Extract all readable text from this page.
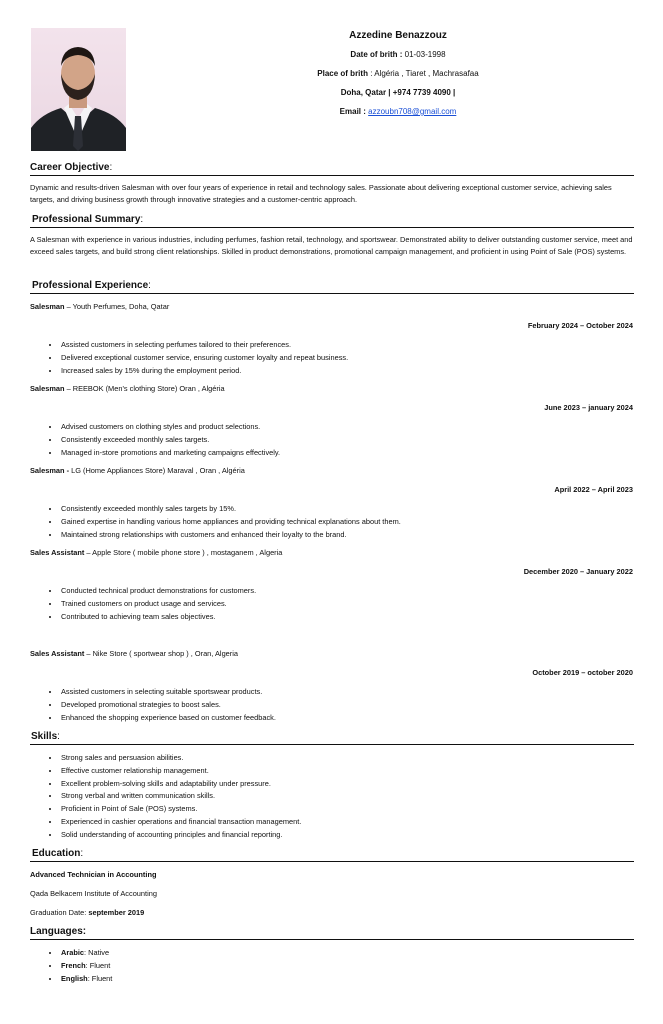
Azzedine Benazzouz
Date of brith : 01-03-1998
Place of brith : Algéria , Tiaret , Machrasafaa
Doha, Qatar | +974 7739 4090 |
Email : azzoubn708@gmail.com
Career Objective:
Dynamic and results-driven Salesman with over four years of experience in retail and technology sales. Passionate about delivering exceptional customer service, achieving sales targets, and driving business growth through innovative strategies and a customer-centric approach.
Professional Summary:
A Salesman with experience in various industries, including perfumes, fashion retail, technology, and sportswear. Demonstrated ability to deliver outstanding customer service, meet and exceed sales targets, and build strong client relationships. Skilled in product demonstrations, promotional campaign management, and proficient in using Point of Sale (POS) systems.
Professional Experience:
Salesman – Youth Perfumes, Doha, Qatar
February 2024 – October 2024
• Assisted customers in selecting perfumes tailored to their preferences.
• Delivered exceptional customer service, ensuring customer loyalty and repeat business.
• Increased sales by 15% during the employment period.
Salesman – REEBOK (Men’s clothing Store) Oran , Algéria
June 2023 – january 2024
• Advised customers on clothing styles and product selections.
• Consistently exceeded monthly sales targets.
• Managed in-store promotions and marketing campaigns effectively.
Salesman - LG (Home Appliances Store) Maraval , Oran , Algéria
April 2022 – April 2023
• Consistently exceeded monthly sales targets by 15%.
• Gained expertise in handling various home appliances and providing technical explanations about them.
• Maintained strong relationships with customers and enhanced their loyalty to the brand.
Sales Assistant – Apple Store ( mobile phone store ) , mostaganem , Algeria
December 2020 – January 2022
• Conducted technical product demonstrations for customers.
• Trained customers on product usage and services.
• Contributed to achieving team sales objectives.
Sales Assistant – Nike Store ( sportwear shop ) , Oran, Algeria
October 2019 – october 2020
• Assisted customers in selecting suitable sportswear products.
• Developed promotional strategies to boost sales.
• Enhanced the shopping experience based on customer feedback.
Skills:
• Strong sales and persuasion abilities.
• Effective customer relationship management.
• Excellent problem-solving skills and adaptability under pressure.
• Strong verbal and written communication skills.
• Proficient in Point of Sale (POS) systems.
• Experienced in cashier operations and financial transaction management.
• Solid understanding of accounting principles and financial reporting.
Education:
Advanced Technician in Accounting
Qada Belkacem Institute of Accounting
Graduation Date: september 2019
Languages:
• Arabic: Native
• French: Fluent
• English: Fluent
